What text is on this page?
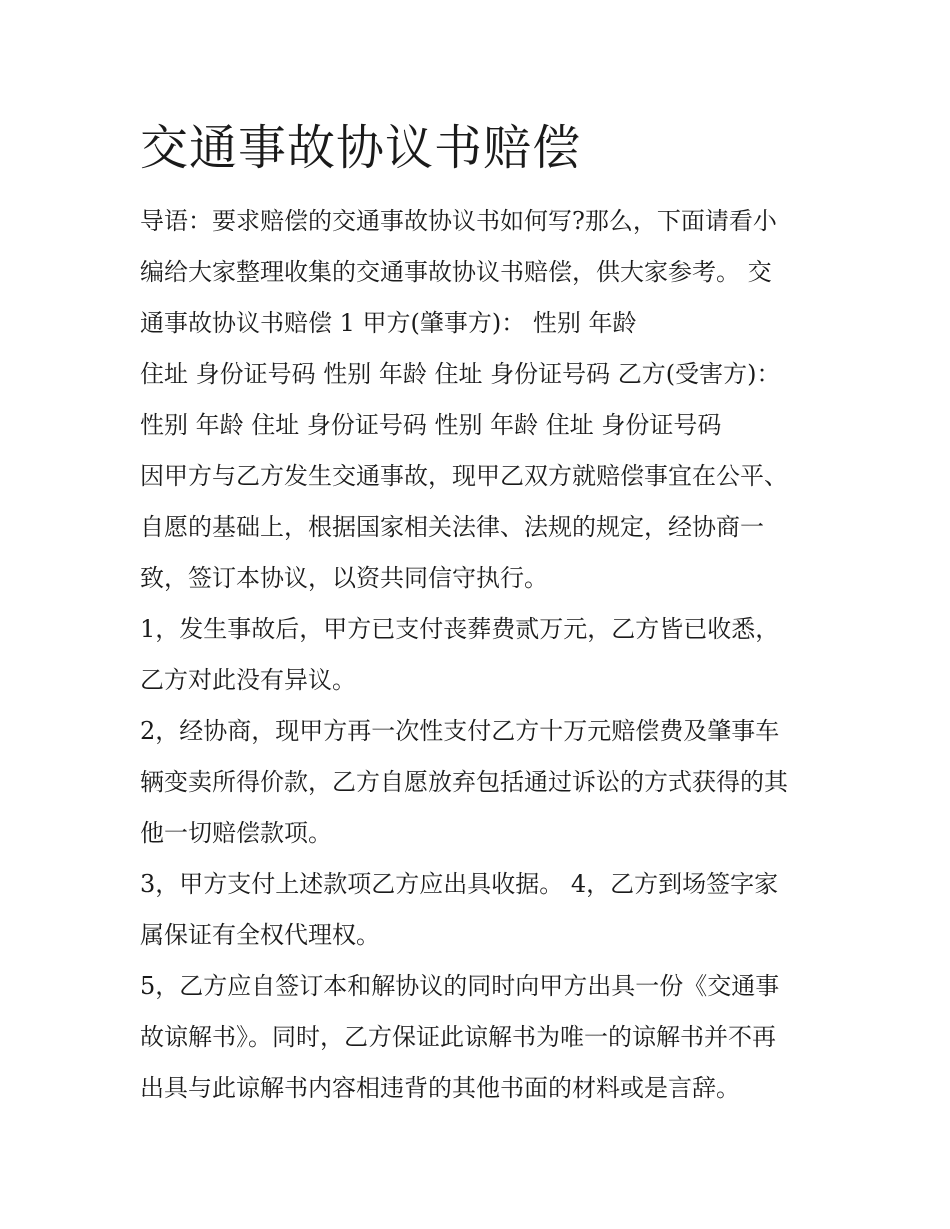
交通事故协议书赔偿

导语：要求赔偿的交通事故协议书如何写?那么，下面请看小

编给大家整理收集的交通事故协议书赔偿，供大家参考。 交

通事故协议书赔偿 1 甲方(肇事方)： 性别 年龄

住址 身份证号码 性别 年龄 住址 身份证号码 乙方(受害方)：

性别 年龄 住址 身份证号码 性别 年龄 住址 身份证号码

因甲方与乙方发生交通事故，现甲乙双方就赔偿事宜在公平、

自愿的基础上，根据国家相关法律、法规的规定，经协商一

致，签订本协议，以资共同信守执行。

1，发生事故后，甲方已支付丧葬费贰万元，乙方皆已收悉，

乙方对此没有异议。

2，经协商，现甲方再一次性支付乙方十万元赔偿费及肇事车

辆变卖所得价款，乙方自愿放弃包括通过诉讼的方式获得的其

他一切赔偿款项。

3，甲方支付上述款项乙方应出具收据。 4，乙方到场签字家

属保证有全权代理权。

5，乙方应自签订本和解协议的同时向甲方出具一份《交通事

故谅解书》。同时，乙方保证此谅解书为唯一的谅解书并不再

出具与此谅解书内容相违背的其他书面的材料或是言辞。
